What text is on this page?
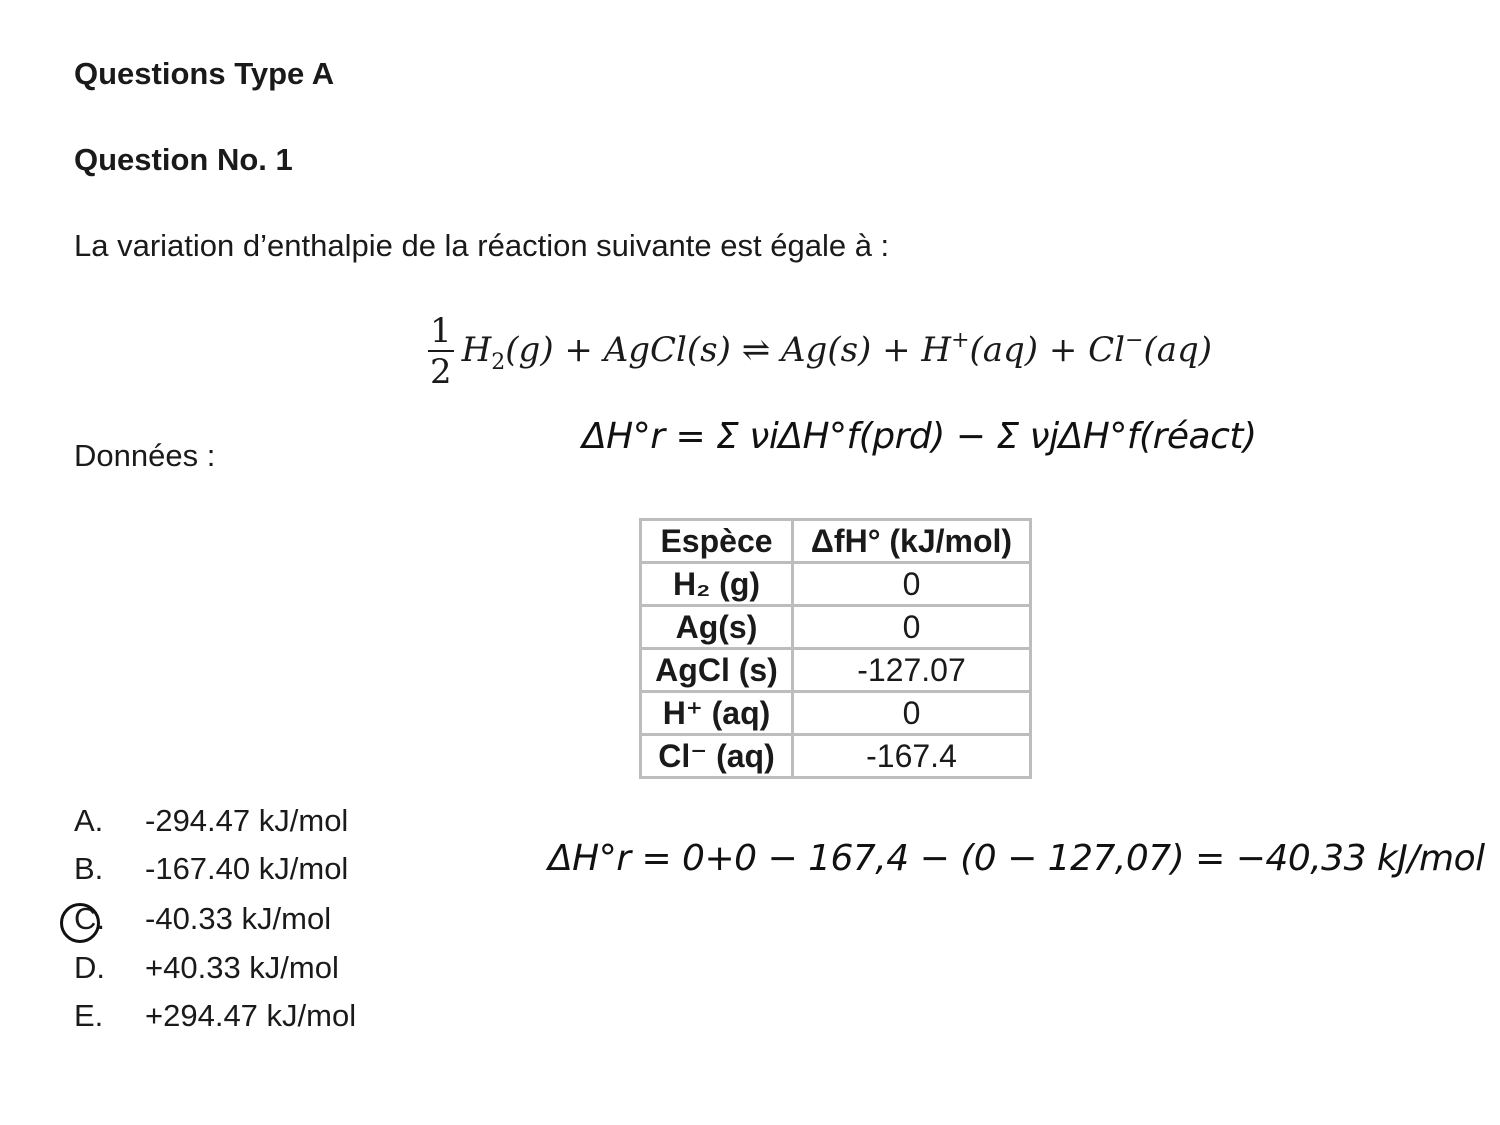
Questions Type A
Question No. 1
La variation d’enthalpie de la réaction suivante est égale à :
$\frac{1}{2} H_2(g)$ + AgCl(s) ⇌ Ag(s) + H+(aq) + Cl−(aq)
ΔH°r = Σ νiΔH°f(prd) − Σ νjΔH°f(réact)
Données :
Espèce	ΔfH° (kJ/mol)
H₂ (g)	0
Ag(s)	0
AgCl (s)	-127.07
H⁺ (aq)	0
Cl⁻ (aq)	-167.4
A. -294.47 kJ/mol
B. -167.40 kJ/mol
C. -40.33 kJ/mol
D. +40.33 kJ/mol
E. +294.47 kJ/mol
ΔH°r = 0+0 − 167,4 − (0 − 127,07) = −40,33 kJ/mol
